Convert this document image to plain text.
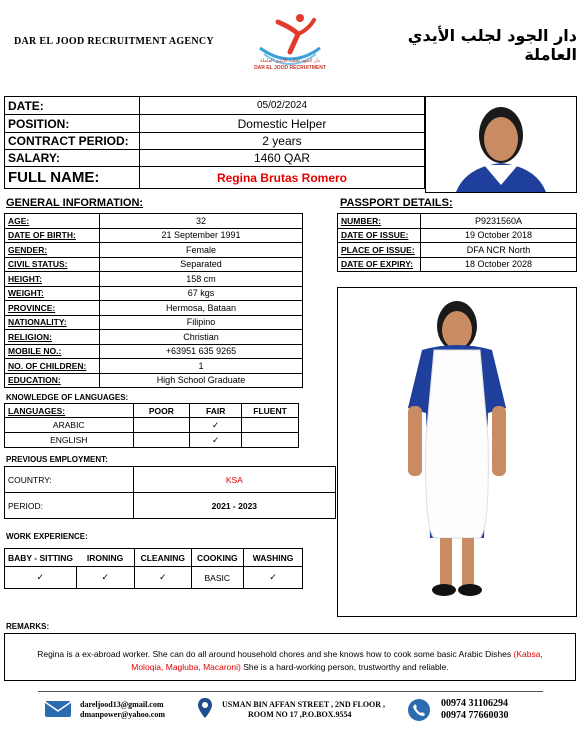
DAR EL JOOD RECRUITMENT AGENCY
دار الجود لجلب الأيدي العاملة
DAR EL JOOD RECRUITMENT
دار الجود لجلب الأيدي العاملة
DATE:	05/02/2024
POSITION:	Domestic Helper
CONTRACT PERIOD:	2 years
SALARY:	1460 QAR
FULL NAME:	Regina Brutas Romero
GENERAL INFORMATION:	PASSPORT DETAILS:
AGE:	32
DATE OF BIRTH:	21 September 1991
GENDER:	Female
CIVIL STATUS:	Separated
HEIGHT:	158 cm
WEIGHT:	67 kgs
PROVINCE:	Hermosa, Bataan
NATIONALITY:	Filipino
RELIGION:	Christian
MOBILE NO.:	+63951 635 9265
NO. OF CHILDREN:	1
EDUCATION:	High School Graduate
NUMBER:	P9231560A
DATE OF ISSUE:	19 October 2018
PLACE OF ISSUE:	DFA NCR North
DATE OF EXPIRY:	18 October 2028
KNOWLEDGE OF LANGUAGES:
LANGUAGES:	POOR	FAIR	FLUENT
ARABIC		✓	
ENGLISH		✓	
PREVIOUS EMPLOYMENT:
COUNTRY:	KSA
PERIOD:	2021 - 2023
WORK EXPERIENCE:
BABY - SITTING	IRONING	CLEANING	COOKING	WASHING
✓	✓	✓	BASIC	✓
REMARKS:
Regina is a ex-abroad worker. She can do all around household chores and she knows how to cook some basic Arabic Dishes (Kabsa, Moloqia, Magluba, Macaroni) She is a hard-working person, trustworthy and reliable.
dareljood13@gmail.com
dmanpower@yahoo.com
USMAN BIN AFFAN STREET , 2ND FLOOR ,
ROOM NO 17 ,P.O.BOX.9554
00974 31106294
00974 77660030
